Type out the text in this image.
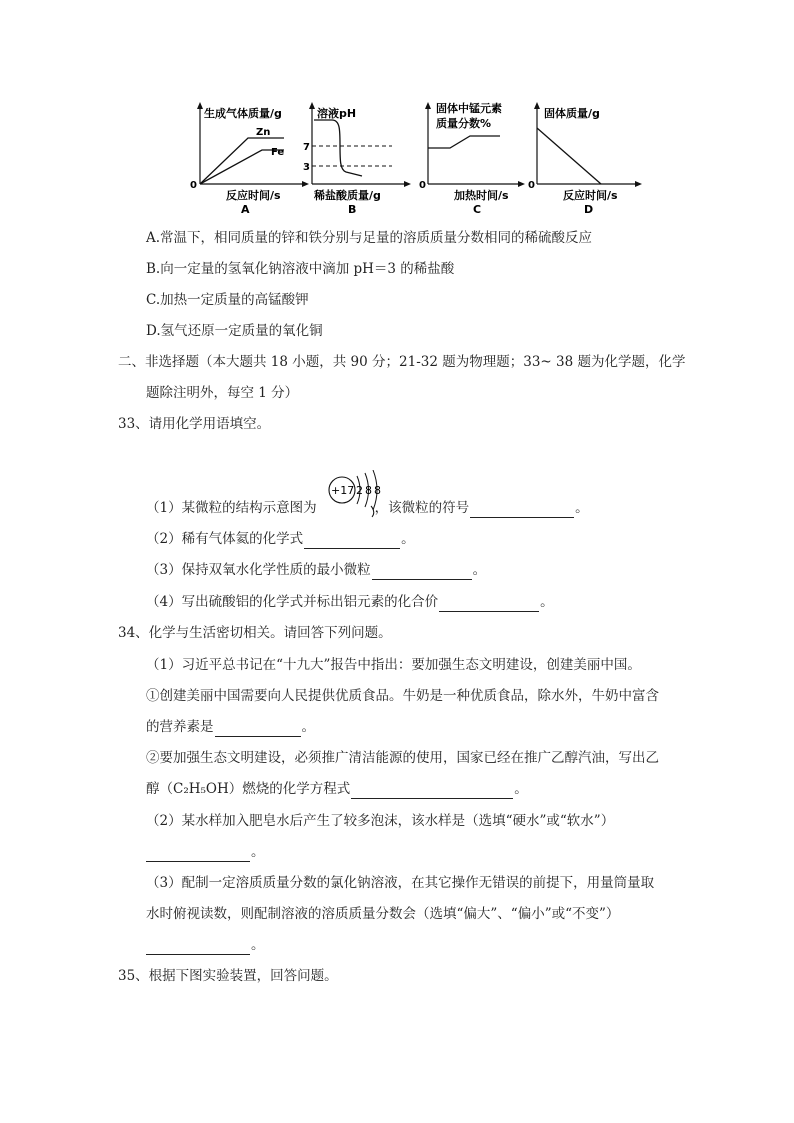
生成气体质量/g
Zn
Fe
0
反应时间/s
A
溶液pH
7
3
稀盐酸质量/g
B
固体中锰元素
质量分数%
0
加热时间/s
C
固体质量/g
0
反应时间/s
D
A.常温下，相同质量的锌和铁分别与足量的溶质质量分数相同的稀硫酸反应
B.向一定量的氢氧化钠溶液中滴加 pH＝3 的稀盐酸
C.加热一定质量的高锰酸钾
D.氢气还原一定质量的氧化铜
二、非选择题（本大题共 18 小题，共 90 分；21-32 题为物理题；33~ 38 题为化学题，化学
题除注明外，每空 1 分）
33、请用化学用语填空。
+17 2 8 8
（1）某微粒的结构示意图为	，该微粒的符号	。
（2）稀有气体氦的化学式	。
（3）保持双氧水化学性质的最小微粒	。
（4）写出硫酸铝的化学式并标出铝元素的化合价	。
34、化学与生活密切相关。请回答下列问题。
（1）习近平总书记在“十九大”报告中指出：要加强生态文明建设，创建美丽中国。
①创建美丽中国需要向人民提供优质食品。牛奶是一种优质食品，除水外，牛奶中富含
的营养素是	。
②要加强生态文明建设，必须推广清洁能源的使用，国家已经在推广乙醇汽油，写出乙
醇（C₂H₅OH）燃烧的化学方程式	。
（2）某水样加入肥皂水后产生了较多泡沫，该水样是（选填“硬水”或“软水”）
。
（3）配制一定溶质质量分数的氯化钠溶液，在其它操作无错误的前提下，用量筒量取
水时俯视读数，则配制溶液的溶质质量分数会（选填“偏大”、“偏小”或“不变”）
。
35、根据下图实验装置，回答问题。
